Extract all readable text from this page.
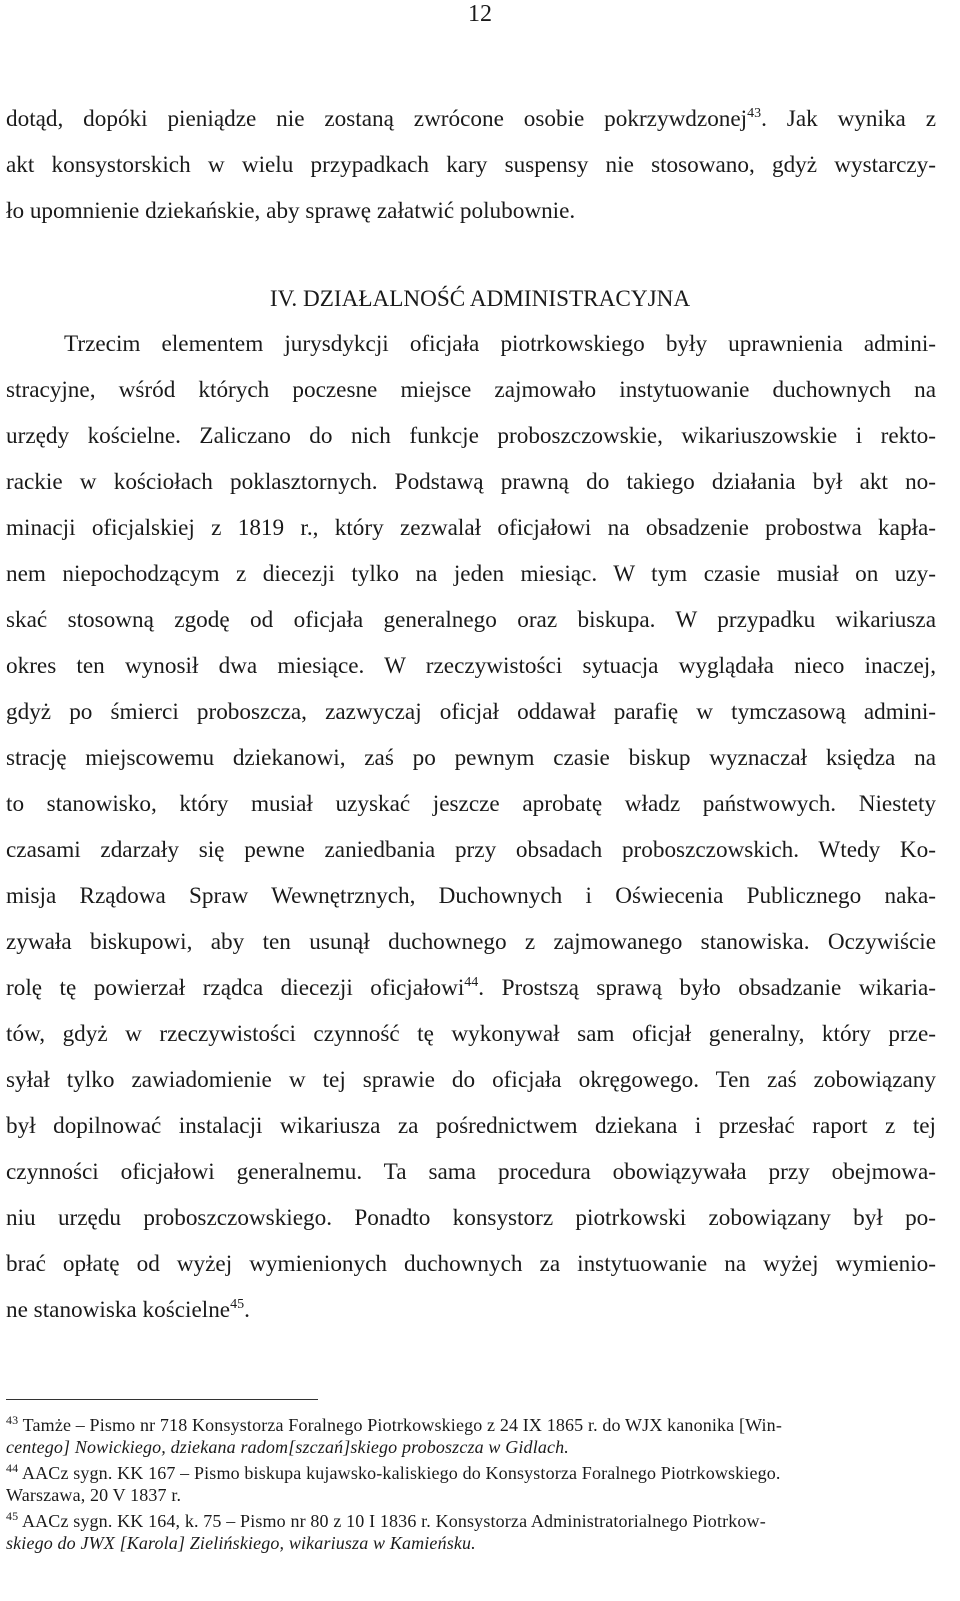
12
dotąd, dopóki pieniądze nie zostaną zwrócone osobie pokrzywdzonej$^{43}$. Jak wynika z
akt konsystorskich w wielu przypadkach kary suspensy nie stosowano, gdyż wystarczy-
ło upomnienie dziekańskie, aby sprawę załatwić polubownie.
IV. DZIAŁALNOŚĆ ADMINISTRACYJNA
Trzecim elementem jurysdykcji oficjała piotrkowskiego były uprawnienia admini-
stracyjne, wśród których poczesne miejsce zajmowało instytuowanie duchownych na
urzędy kościelne. Zaliczano do nich funkcje proboszczowskie, wikariuszowskie i rekto-
rackie w kościołach poklasztornych. Podstawą prawną do takiego działania był akt no-
minacji oficjalskiej z 1819 r., który zezwalał oficjałowi na obsadzenie probostwa kapła-
nem niepochodzącym z diecezji tylko na jeden miesiąc. W tym czasie musiał on uzy-
skać stosowną zgodę od oficjała generalnego oraz biskupa. W przypadku wikariusza
okres ten wynosił dwa miesiące. W rzeczywistości sytuacja wyglądała nieco inaczej,
gdyż po śmierci proboszcza, zazwyczaj oficjał oddawał parafię w tymczasową admini-
strację miejscowemu dziekanowi, zaś po pewnym czasie biskup wyznaczał księdza na
to stanowisko, który musiał uzyskać jeszcze aprobatę władz państwowych. Niestety
czasami zdarzały się pewne zaniedbania przy obsadach proboszczowskich. Wtedy Ko-
misja Rządowa Spraw Wewnętrznych, Duchownych i Oświecenia Publicznego naka-
zywała biskupowi, aby ten usunął duchownego z zajmowanego stanowiska. Oczywiście
rolę tę powierzał rządca diecezji oficjałowi$^{44}$. Prostszą sprawą było obsadzanie wikaria-
tów, gdyż w rzeczywistości czynność tę wykonywał sam oficjał generalny, który prze-
syłał tylko zawiadomienie w tej sprawie do oficjała okręgowego. Ten zaś zobowiązany
był dopilnować instalacji wikariusza za pośrednictwem dziekana i przesłać raport z tej
czynności oficjałowi generalnemu. Ta sama procedura obowiązywała przy obejmowa-
niu urzędu proboszczowskiego. Ponadto konsystorz piotrkowski zobowiązany był po-
brać opłatę od wyżej wymienionych duchownych za instytuowanie na wyżej wymienio-
ne stanowiska kościelne$^{45}$.
$^{43}$ Tamże – Pismo nr 718 Konsystorza Foralnego Piotrkowskiego z 24 IX 1865 r. do WJX kanonika [Win-
centego] Nowickiego, dziekana radom[szczań]skiego proboszcza w Gidlach.
$^{44}$ AACz sygn. KK 167 – Pismo biskupa kujawsko-kaliskiego do Konsystorza Foralnego Piotrkowskiego.
Warszawa, 20 V 1837 r.
$^{45}$ AACz sygn. KK 164, k. 75 – Pismo nr 80 z 10 I 1836 r. Konsystorza Administratorialnego Piotrkow-
skiego do JWX [Karola] Zielińskiego, wikariusza w Kamieńsku.
